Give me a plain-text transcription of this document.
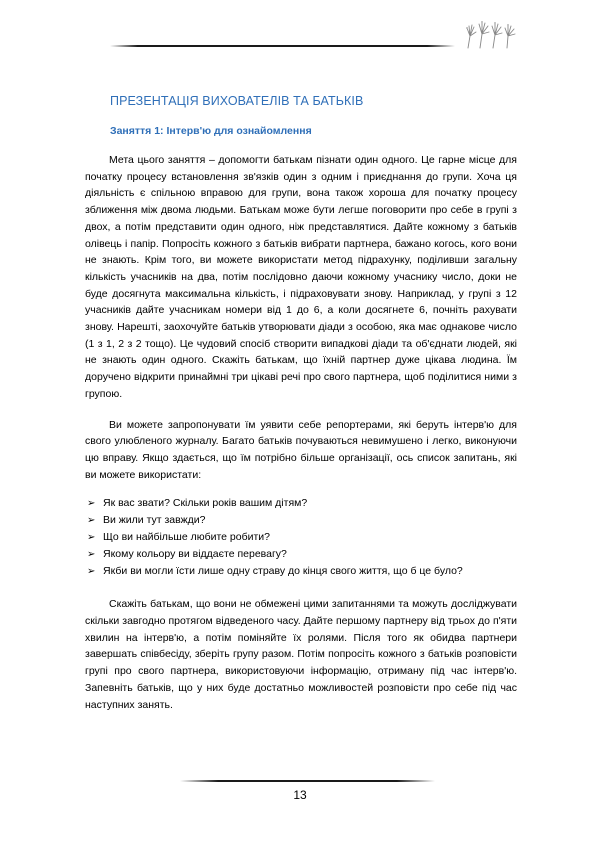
ПРЕЗЕНТАЦІЯ ВИХОВАТЕЛІВ ТА БАТЬКІВ
Заняття 1: Інтерв'ю для ознайомлення

Мета цього заняття – допомогти батькам пізнати один одного. Це гарне місце для початку процесу встановлення зв'язків один з одним і приєднання до групи. Хоча ця діяльність є спільною вправою для групи, вона також хороша для початку процесу зближення між двома людьми. Батькам може бути легше поговорити про себе в групі з двох, а потім представити один одного, ніж представлятися. Дайте кожному з батьків олівець і папір. Попросіть кожного з батьків вибрати партнера, бажано когось, кого вони не знають. Крім того, ви можете використати метод підрахунку, поділивши загальну кількість учасників на два, потім послідовно даючи кожному учаснику число, доки не буде досягнута максимальна кількість, і підраховувати знову. Наприклад, у групі з 12 учасників дайте учасникам номери від 1 до 6, а коли досягнете 6, почніть рахувати знову. Нарешті, заохочуйте батьків утворювати діади з особою, яка має однакове число (1 з 1, 2 з 2 тощо). Це чудовий спосіб створити випадкові діади та об'єднати людей, які не знають один одного. Скажіть батькам, що їхній партнер дуже цікава людина. Їм доручено відкрити принаймні три цікаві речі про свого партнера, щоб поділитися ними з групою.

Ви можете запропонувати їм уявити себе репортерами, які беруть інтерв'ю для свого улюбленого журналу. Багато батьків почуваються невимушено і легко, виконуючи цю вправу. Якщо здається, що їм потрібно більше організації, ось список запитань, які ви можете використати:

➢ Як вас звати? Скільки років вашим дітям?
➢ Ви жили тут завжди?
➢ Що ви найбільше любите робити?
➢ Якому кольору ви віддаєте перевагу?
➢ Якби ви могли їсти лише одну страву до кінця свого життя, що б це було?

Скажіть батькам, що вони не обмежені цими запитаннями та можуть досліджувати скільки завгодно протягом відведеного часу. Дайте першому партнеру від трьох до п'яти хвилин на інтерв'ю, а потім поміняйте їх ролями. Після того як обидва партнери завершать співбесіду, зберіть групу разом. Потім попросіть кожного з батьків розповісти групі про свого партнера, використовуючи інформацію, отриману під час інтерв'ю. Запевніть батьків, що у них буде достатньо можливостей розповісти про себе під час наступних занять.

13
